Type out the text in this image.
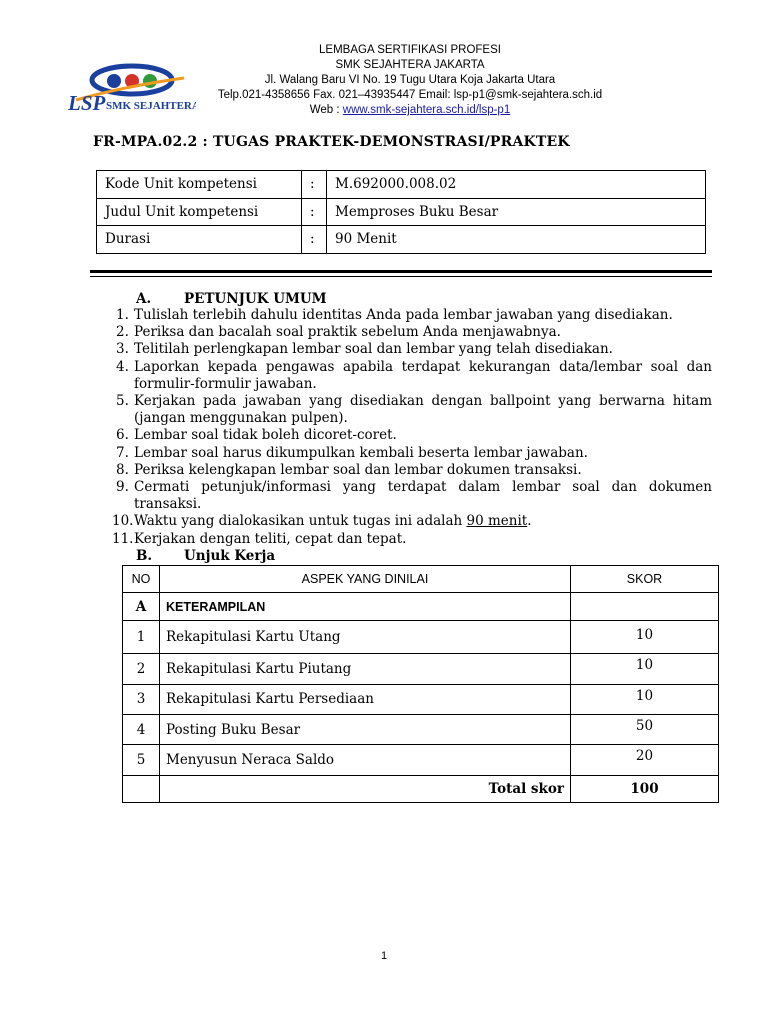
LSP SMK SEJAHTERA
LEMBAGA SERTIFIKASI PROFESI
SMK SEJAHTERA JAKARTA
Jl. Walang Baru VI No. 19 Tugu Utara Koja Jakarta Utara
Telp.021-4358656 Fax. 021–43935447 Email: lsp-p1@smk-sejahtera.sch.id
Web : www.smk-sejahtera.sch.id/lsp-p1
FR-MPA.02.2 : TUGAS PRAKTEK-DEMONSTRASI/PRAKTEK
Kode Unit kompetensi	:	M.692000.008.02
Judul Unit kompetensi	:	Memproses Buku Besar
Durasi	:	90 Menit
A. PETUNJUK UMUM
1. Tulislah terlebih dahulu identitas Anda pada lembar jawaban yang disediakan.
2. Periksa dan bacalah soal praktik sebelum Anda menjawabnya.
3. Telitilah perlengkapan lembar soal dan lembar yang telah disediakan.
4. Laporkan kepada pengawas apabila terdapat kekurangan data/lembar soal dan formulir-formulir jawaban.
5. Kerjakan pada jawaban yang disediakan dengan ballpoint yang berwarna hitam (jangan menggunakan pulpen).
6. Lembar soal tidak boleh dicoret-coret.
7. Lembar soal harus dikumpulkan kembali beserta lembar jawaban.
8. Periksa kelengkapan lembar soal dan lembar dokumen transaksi.
9. Cermati petunjuk/informasi yang terdapat dalam lembar soal dan dokumen transaksi.
10. Waktu yang dialokasikan untuk tugas ini adalah 90 menit.
11. Kerjakan dengan teliti, cepat dan tepat.
B. Unjuk Kerja
NO	ASPEK YANG DINILAI	SKOR
A	KETERAMPILAN	
1	Rekapitulasi Kartu Utang	10
2	Rekapitulasi Kartu Piutang	10
3	Rekapitulasi Kartu Persediaan	10
4	Posting Buku Besar	50
5	Menyusun Neraca Saldo	20
	Total skor	100
1
